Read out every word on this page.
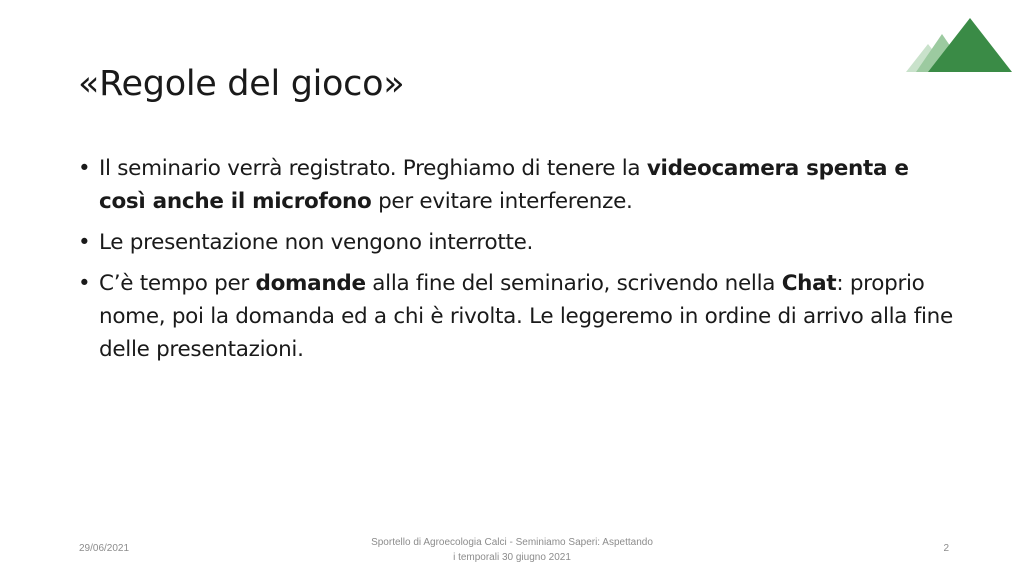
«Regole del gioco»
• Il seminario verrà registrato. Preghiamo di tenere la videocamera spenta e così anche il microfono per evitare interferenze.
• Le presentazione non vengono interrotte.
• C’è tempo per domande alla fine del seminario, scrivendo nella Chat: proprio nome, poi la domanda ed a chi è rivolta. Le leggeremo in ordine di arrivo alla fine delle presentazioni.
29/06/2021
Sportello di Agroecologia Calci - Seminiamo Saperi: Aspettando
i temporali 30 giugno 2021
2
